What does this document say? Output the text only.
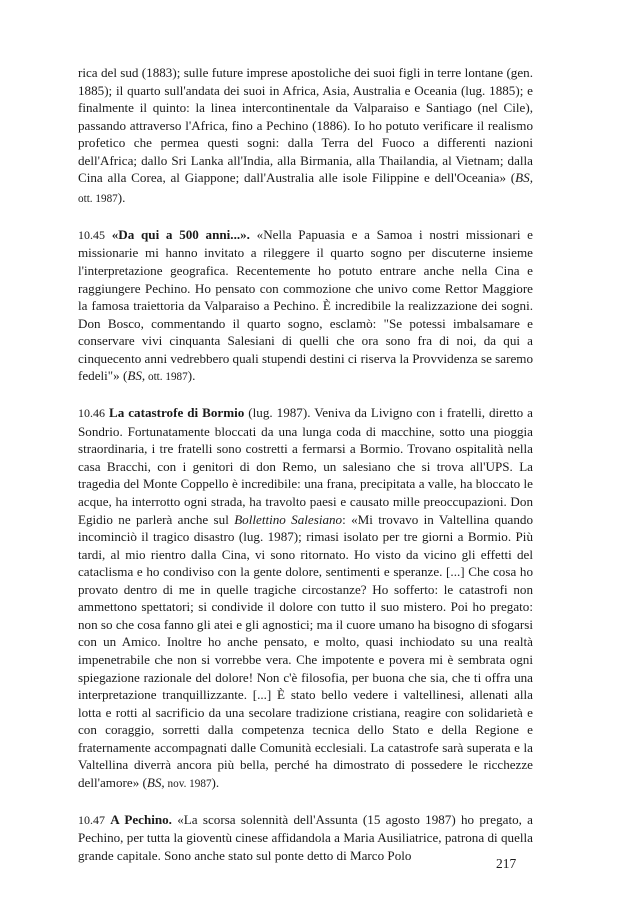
rica del sud (1883); sulle future imprese apostoliche dei suoi figli in terre lontane (gen. 1885); il quarto sull'andata dei suoi in Africa, Asia, Australia e Oceania (lug. 1885); e finalmente il quinto: la linea intercontinentale da Valparaiso e Santiago (nel Cile), passando attraverso l'Africa, fino a Pechino (1886). Io ho potuto verificare il realismo profetico che permea questi sogni: dalla Terra del Fuoco a differenti nazioni dell'Africa; dallo Sri Lanka all'India, alla Birmania, alla Thailandia, al Vietnam; dalla Cina alla Corea, al Giappone; dall'Australia alle isole Filippine e dell'Oceania» (BS, ott. 1987).

10.45 «Da qui a 500 anni...». «Nella Papuasia e a Samoa i nostri missionari e missionarie mi hanno invitato a rileggere il quarto sogno per discuterne insieme l'interpretazione geografica. Recentemente ho potuto entrare anche nella Cina e raggiungere Pechino. Ho pensato con commozione che univo come Rettor Maggiore la famosa traiettoria da Valparaiso a Pechino. È incredibile la realizzazione dei sogni. Don Bosco, commentando il quarto sogno, esclamò: "Se potessi imbalsamare e conservare vivi cinquanta Salesiani di quelli che ora sono fra di noi, da qui a cinquecento anni vedrebbero quali stupendi destini ci riserva la Provvidenza se saremo fedeli"» (BS, ott. 1987).

10.46 La catastrofe di Bormio (lug. 1987). Veniva da Livigno con i fratelli, diretto a Sondrio. Fortunatamente bloccati da una lunga coda di macchine, sotto una pioggia straordinaria, i tre fratelli sono costretti a fermarsi a Bormio. Trovano ospitalità nella casa Bracchi, con i genitori di don Remo, un salesiano che si trova all'UPS. La tragedia del Monte Coppello è incredibile: una frana, precipitata a valle, ha bloccato le acque, ha interrotto ogni strada, ha travolto paesi e causato mille preoccupazioni. Don Egidio ne parlerà anche sul Bollettino Salesiano: «Mi trovavo in Valtellina quando incominciò il tragico disastro (lug. 1987); rimasi isolato per tre giorni a Bormio. Più tardi, al mio rientro dalla Cina, vi sono ritornato. Ho visto da vicino gli effetti del cataclisma e ho condiviso con la gente dolore, sentimenti e speranze. [...] Che cosa ho provato dentro di me in quelle tragiche circostanze? Ho sofferto: le catastrofi non ammettono spettatori; si condivide il dolore con tutto il suo mistero. Poi ho pregato: non so che cosa fanno gli atei e gli agnostici; ma il cuore umano ha bisogno di sfogarsi con un Amico. Inoltre ho anche pensato, e molto, quasi inchiodato su una realtà impenetrabile che non si vorrebbe vera. Che impotente e povera mi è sembrata ogni spiegazione razionale del dolore! Non c'è filosofia, per buona che sia, che ti offra una interpretazione tranquillizzante. [...] È stato bello vedere i valtellinesi, allenati alla lotta e rotti al sacrificio da una secolare tradizione cristiana, reagire con solidarietà e con coraggio, sorretti dalla competenza tecnica dello Stato e della Regione e fraternamente accompagnati dalle Comunità ecclesiali. La catastrofe sarà superata e la Valtellina diverrà ancora più bella, perché ha dimostrato di possedere le ricchezze dell'amore» (BS, nov. 1987).

10.47 A Pechino. «La scorsa solennità dell'Assunta (15 agosto 1987) ho pregato, a Pechino, per tutta la gioventù cinese affidandola a Maria Ausiliatrice, patrona di quella grande capitale. Sono anche stato sul ponte detto di Marco Polo

217
